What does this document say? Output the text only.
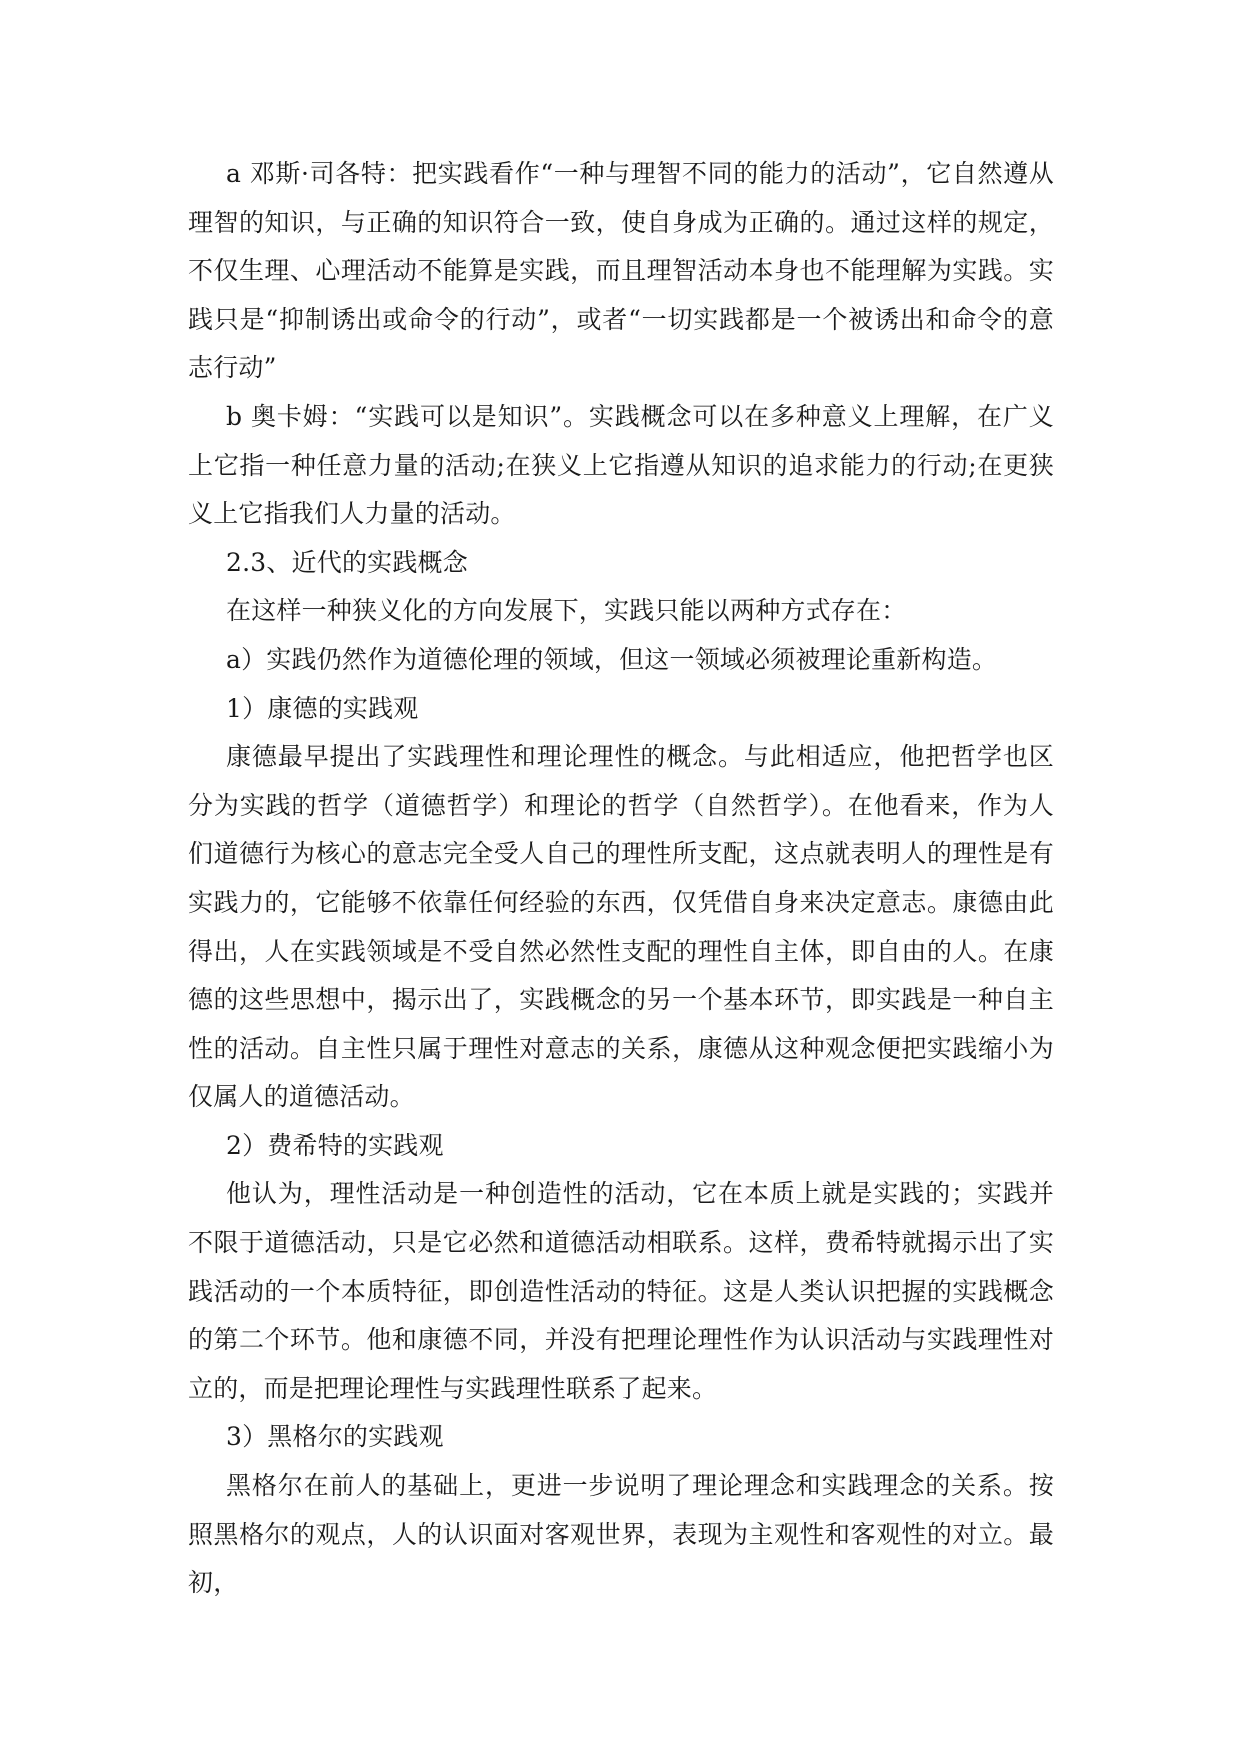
a 邓斯·司各特：把实践看作“一种与理智不同的能力的活动”，它自然遵从理智的知识，与正确的知识符合一致，使自身成为正确的。通过这样的规定，不仅生理、心理活动不能算是实践，而且理智活动本身也不能理解为实践。实践只是“抑制诱出或命令的行动”，或者“一切实践都是一个被诱出和命令的意志行动”

b 奥卡姆：“实践可以是知识”。实践概念可以在多种意义上理解，在广义上它指一种任意力量的活动;在狭义上它指遵从知识的追求能力的行动;在更狭义上它指我们人力量的活动。

2.3、近代的实践概念

在这样一种狭义化的方向发展下，实践只能以两种方式存在：

a）实践仍然作为道德伦理的领域，但这一领域必须被理论重新构造。

1）康德的实践观

康德最早提出了实践理性和理论理性的概念。与此相适应，他把哲学也区分为实践的哲学（道德哲学）和理论的哲学（自然哲学）。在他看来，作为人们道德行为核心的意志完全受人自己的理性所支配，这点就表明人的理性是有实践力的，它能够不依靠任何经验的东西，仅凭借自身来决定意志。康德由此得出，人在实践领域是不受自然必然性支配的理性自主体，即自由的人。在康德的这些思想中，揭示出了，实践概念的另一个基本环节，即实践是一种自主性的活动。自主性只属于理性对意志的关系，康德从这种观念便把实践缩小为仅属人的道德活动。

2）费希特的实践观

他认为，理性活动是一种创造性的活动，它在本质上就是实践的；实践并不限于道德活动，只是它必然和道德活动相联系。这样，费希特就揭示出了实践活动的一个本质特征，即创造性活动的特征。这是人类认识把握的实践概念的第二个环节。他和康德不同，并没有把理论理性作为认识活动与实践理性对立的，而是把理论理性与实践理性联系了起来。

3）黑格尔的实践观

黑格尔在前人的基础上，更进一步说明了理论理念和实践理念的关系。按照黑格尔的观点，人的认识面对客观世界，表现为主观性和客观性的对立。最初，
